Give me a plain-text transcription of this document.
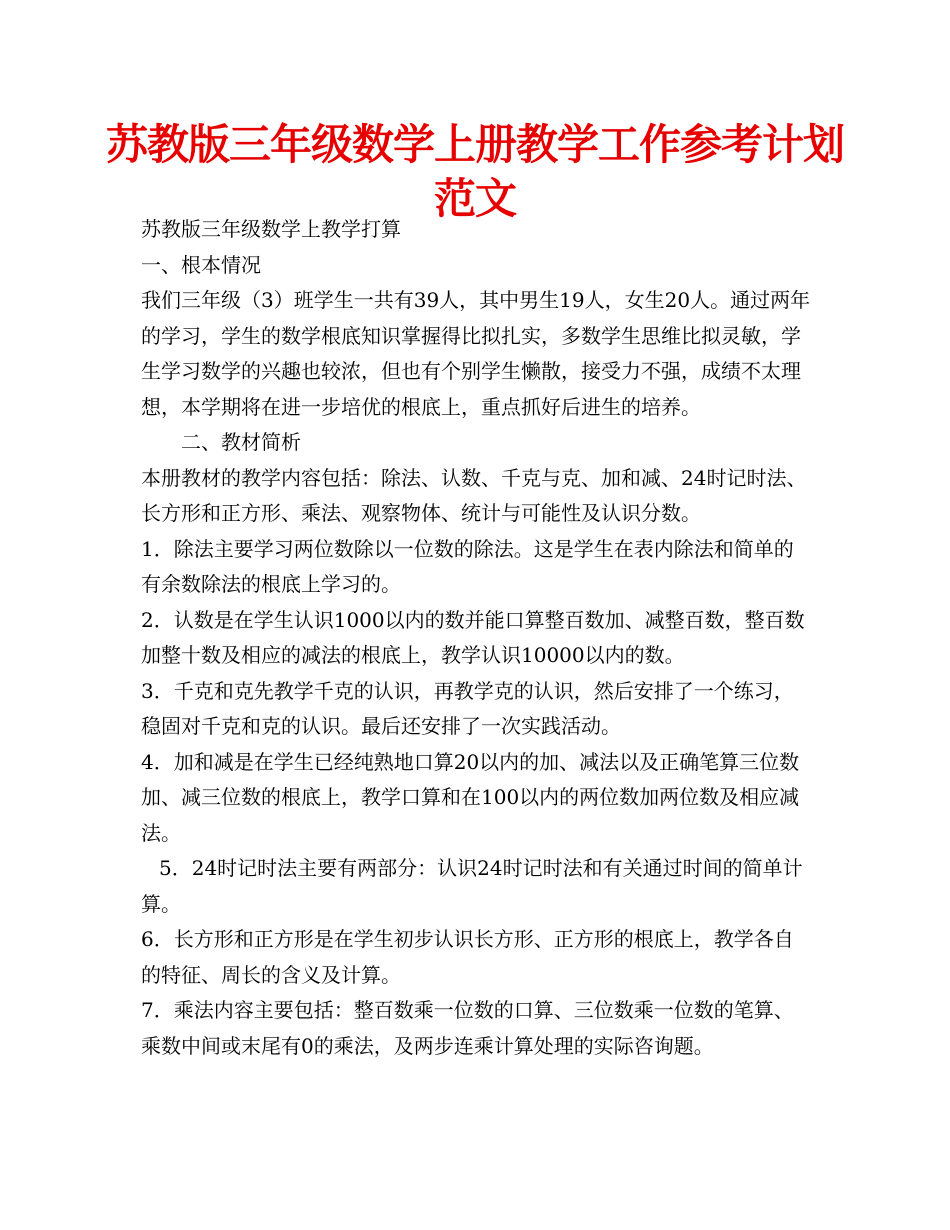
苏教版三年级数学上册教学工作参考计划范文

苏教版三年级数学上教学打算

一、根本情况

我们三年级（3）班学生一共有39人，其中男生19人，女生20人。通过两年的学习，学生的数学根底知识掌握得比拟扎实，多数学生思维比拟灵敏，学生学习数学的兴趣也较浓，但也有个别学生懒散，接受力不强，成绩不太理想，本学期将在进一步培优的根底上，重点抓好后进生的培养。

二、教材简析

本册教材的教学内容包括：除法、认数、千克与克、加和减、24时记时法、长方形和正方形、乘法、观察物体、统计与可能性及认识分数。

1．除法主要学习两位数除以一位数的除法。这是学生在表内除法和简单的有余数除法的根底上学习的。

2．认数是在学生认识1000以内的数并能口算整百数加、减整百数，整百数加整十数及相应的减法的根底上，教学认识10000以内的数。

3．千克和克先教学千克的认识，再教学克的认识，然后安排了一个练习，稳固对千克和克的认识。最后还安排了一次实践活动。

4．加和减是在学生已经纯熟地口算20以内的加、减法以及正确笔算三位数加、减三位数的根底上，教学口算和在100以内的两位数加两位数及相应减法。

5．24时记时法主要有两部分：认识24时记时法和有关通过时间的简单计算。

6．长方形和正方形是在学生初步认识长方形、正方形的根底上，教学各自的特征、周长的含义及计算。

7．乘法内容主要包括：整百数乘一位数的口算、三位数乘一位数的笔算、乘数中间或末尾有0的乘法，及两步连乘计算处理的实际咨询题。
